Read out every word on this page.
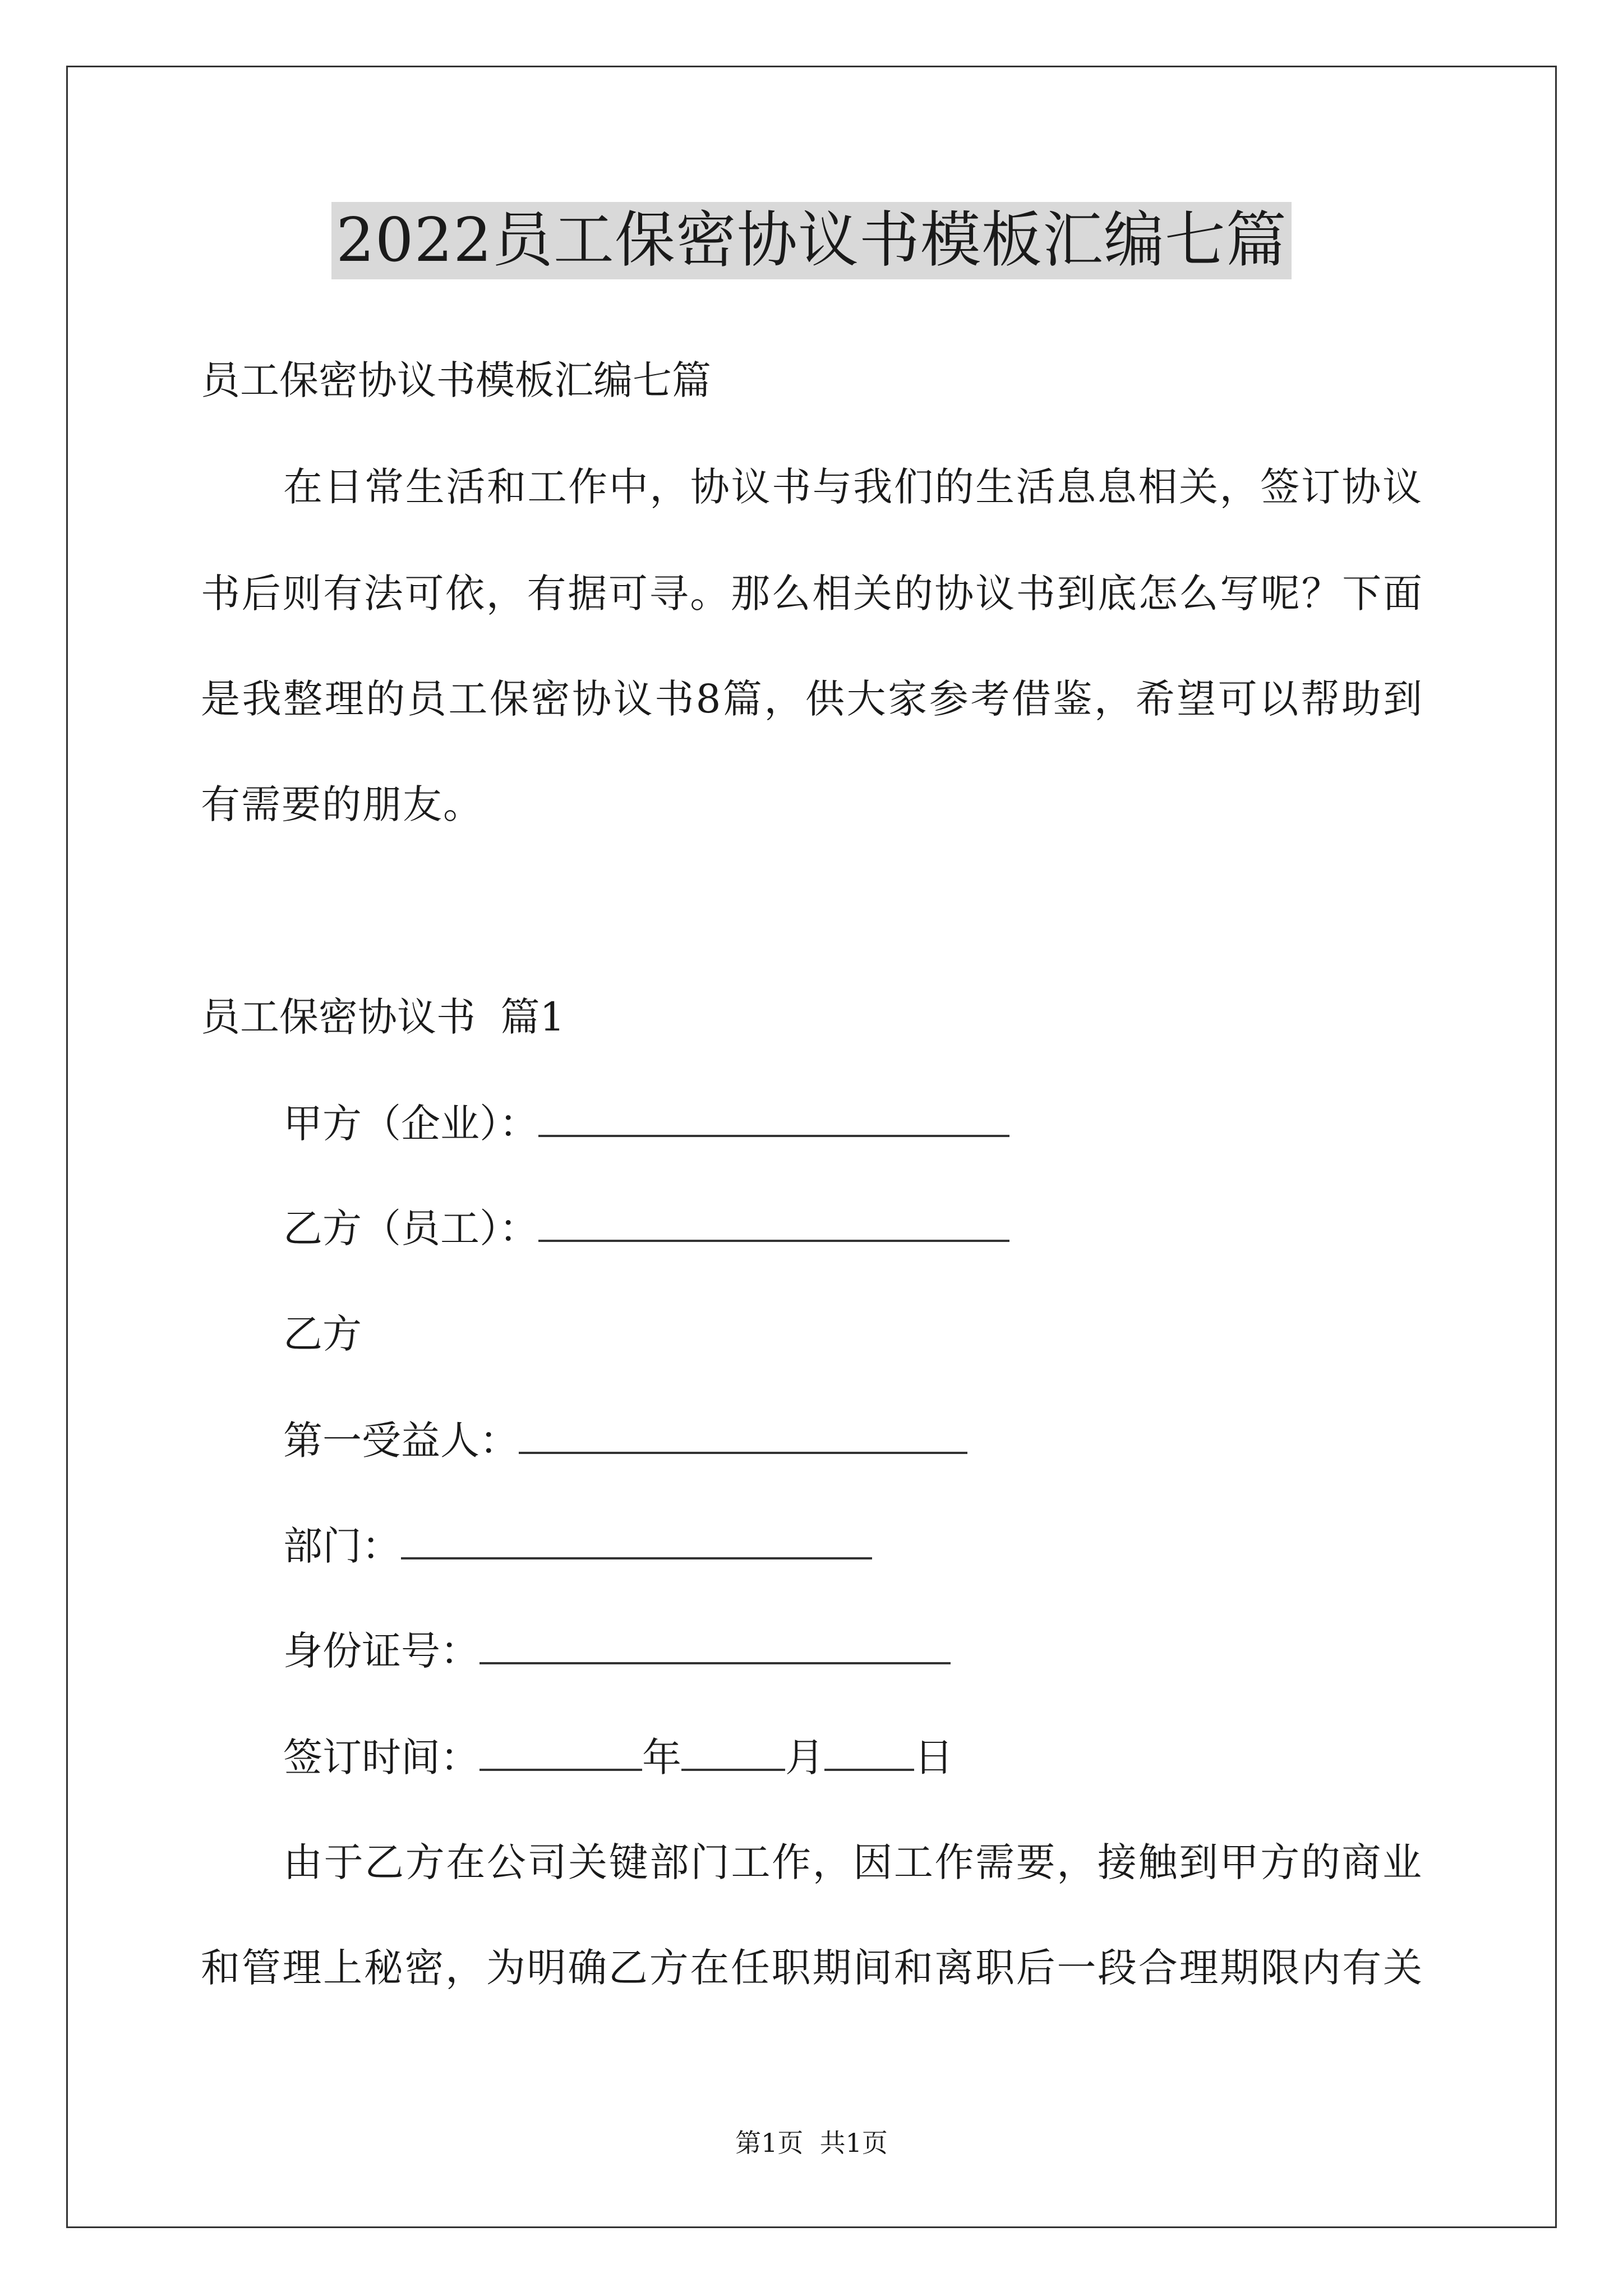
2022员工保密协议书模板汇编七篇
员工保密协议书模板汇编七篇
在日常生活和工作中，协议书与我们的生活息息相关，签订协议
书后则有法可依，有据可寻。那么相关的协议书到底怎么写呢？下面
是我整理的员工保密协议书8篇，供大家参考借鉴，希望可以帮助到
有需要的朋友。
员工保密协议书  篇1
甲方（企业）：
乙方（员工）：
乙方
第一受益人：
部门：
身份证号：
签订时间：	年	月 日
由于乙方在公司关键部门工作，因工作需要，接触到甲方的商业
和管理上秘密，为明确乙方在任职期间和离职后一段合理期限内有关
第1页  共1页
